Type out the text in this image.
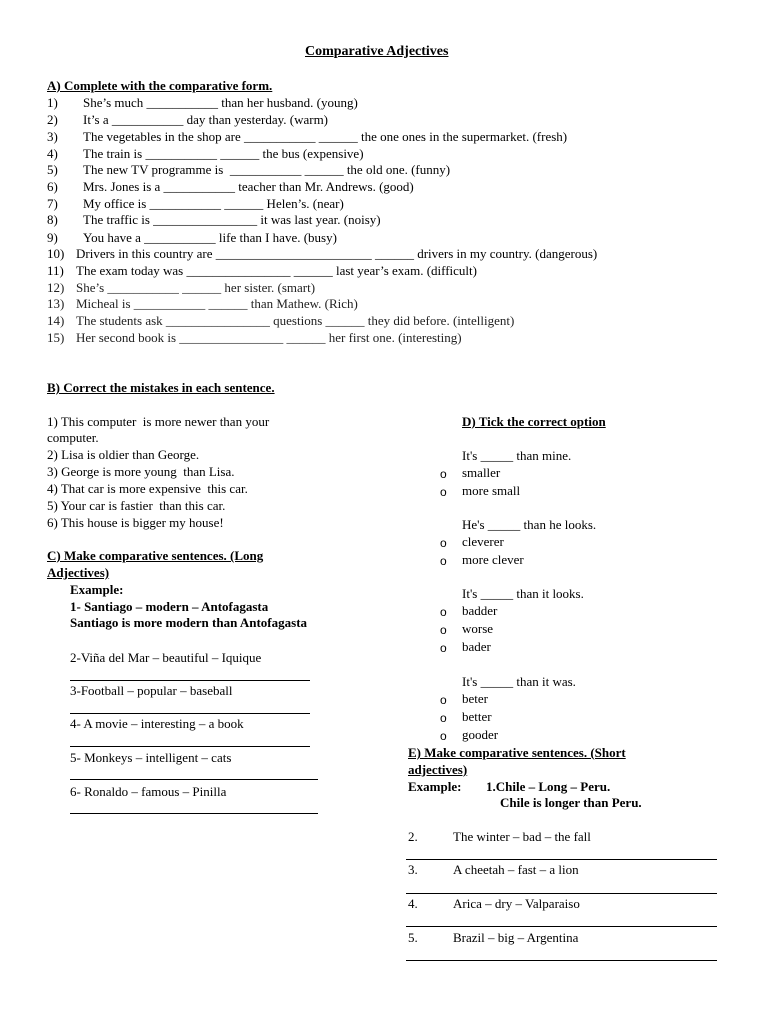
Comparative Adjectives
A) Complete with the comparative form.
1) She’s much ___________ than her husband. (young)
2) It’s a ___________ day than yesterday. (warm)
3) The vegetables in the shop are ___________ ______ the one ones in the supermarket. (fresh)
4) The train is ___________ ______ the bus (expensive)
5) The new TV programme is  ___________ ______ the old one. (funny)
6) Mrs. Jones is a ___________ teacher than Mr. Andrews. (good)
7) My office is ___________ ______ Helen’s. (near)
8) The traffic is ________________ it was last year. (noisy)
9) You have a ___________ life than I have. (busy)
10) Drivers in this country are ________________________ ______ drivers in my country. (dangerous)
11) The exam today was ________________ ______ last year’s exam. (difficult)
12) She’s ___________ ______ her sister. (smart)
13) Micheal is ___________ ______ than Mathew. (Rich)
14) The students ask ________________ questions ______ they did before. (intelligent)
15) Her second book is ________________ ______ her first one. (interesting)
B) Correct the mistakes in each sentence.
1) This computer  is more newer than your
computer.
2) Lisa is oldier than George.
3) George is more young  than Lisa.
4) That car is more expensive  this car.
5) Your car is fastier  than this car.
6) This house is bigger my house!
C) Make comparative sentences. (Long
Adjectives)
Example:
1- Santiago – modern – Antofagasta
Santiago is more modern than Antofagasta
2-Viña del Mar – beautiful – Iquique
3-Football – popular – baseball
4- A movie – interesting – a book
5- Monkeys – intelligent – cats
6- Ronaldo – famous – Pinilla
D) Tick the correct option
It's _____ than mine.
o smaller
o more small
He's _____ than he looks.
o cleverer
o more clever
It's _____ than it looks.
o badder
o worse
o bader
It's _____ than it was.
o beter
o better
o gooder
E) Make comparative sentences. (Short
adjectives)
Example: 1.Chile – Long – Peru.
Chile is longer than Peru.
2.	The winter – bad – the fall
3.	A cheetah – fast – a lion
4.	Arica – dry – Valparaiso
5.	Brazil – big – Argentina
